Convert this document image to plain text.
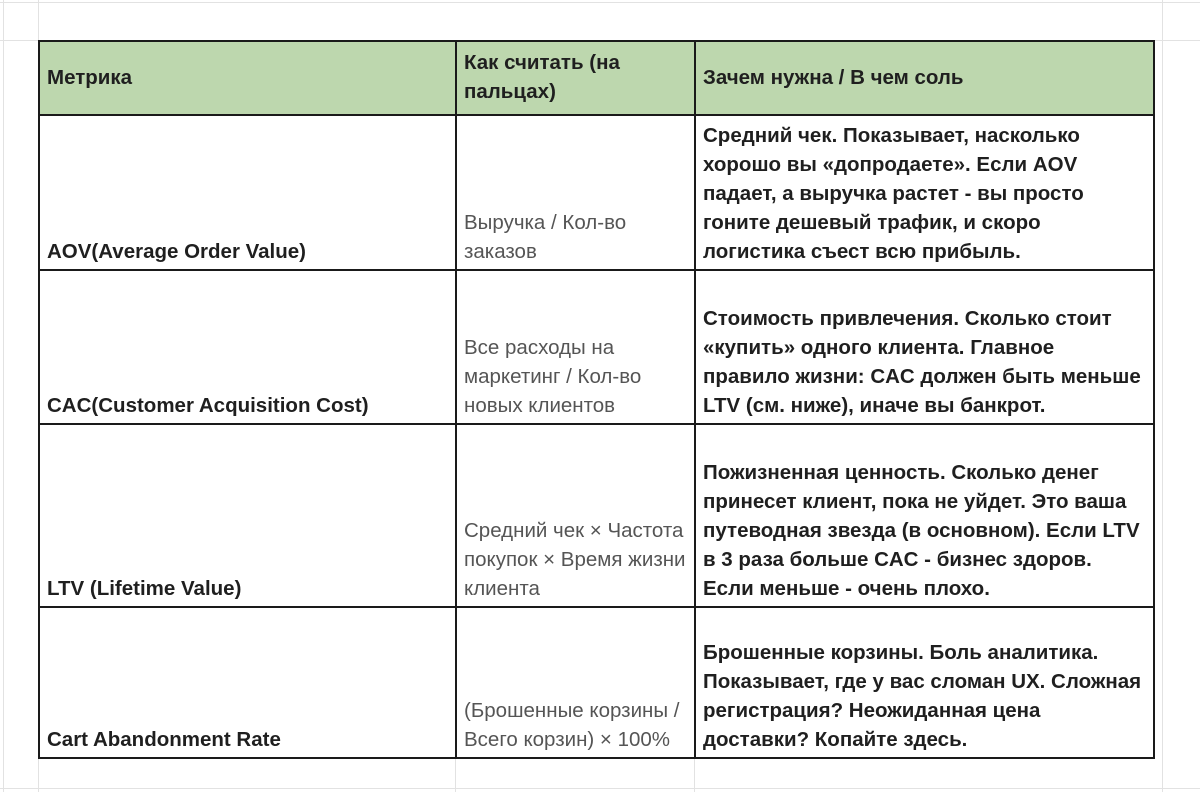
Метрика	Как считать (на пальцах)	Зачем нужна / В чем соль
AOV(Average Order Value)	Выручка / Кол-во заказов	Средний чек. Показывает, насколько хорошо вы «допродаете». Если AOV падает, а выручка растет - вы просто гоните дешевый трафик, и скоро логистика съест всю прибыль.
CAC(Customer Acquisition Cost)	Все расходы на маркетинг / Кол-во новых клиентов	Стоимость привлечения. Сколько стоит «купить» одного клиента. Главное правило жизни: CAC должен быть меньше LTV (см. ниже), иначе вы банкрот.
LTV (Lifetime Value)	Средний чек × Частота покупок × Время жизни клиента	Пожизненная ценность. Сколько денег принесет клиент, пока не уйдет. Это ваша путеводная звезда (в основном). Если LTV в 3 раза больше CAC - бизнес здоров. Если меньше - очень плохо.
Cart Abandonment Rate	(Брошенные корзины / Всего корзин) × 100%	Брошенные корзины. Боль аналитика. Показывает, где у вас сломан UX. Сложная регистрация? Неожиданная цена доставки? Копайте здесь.
